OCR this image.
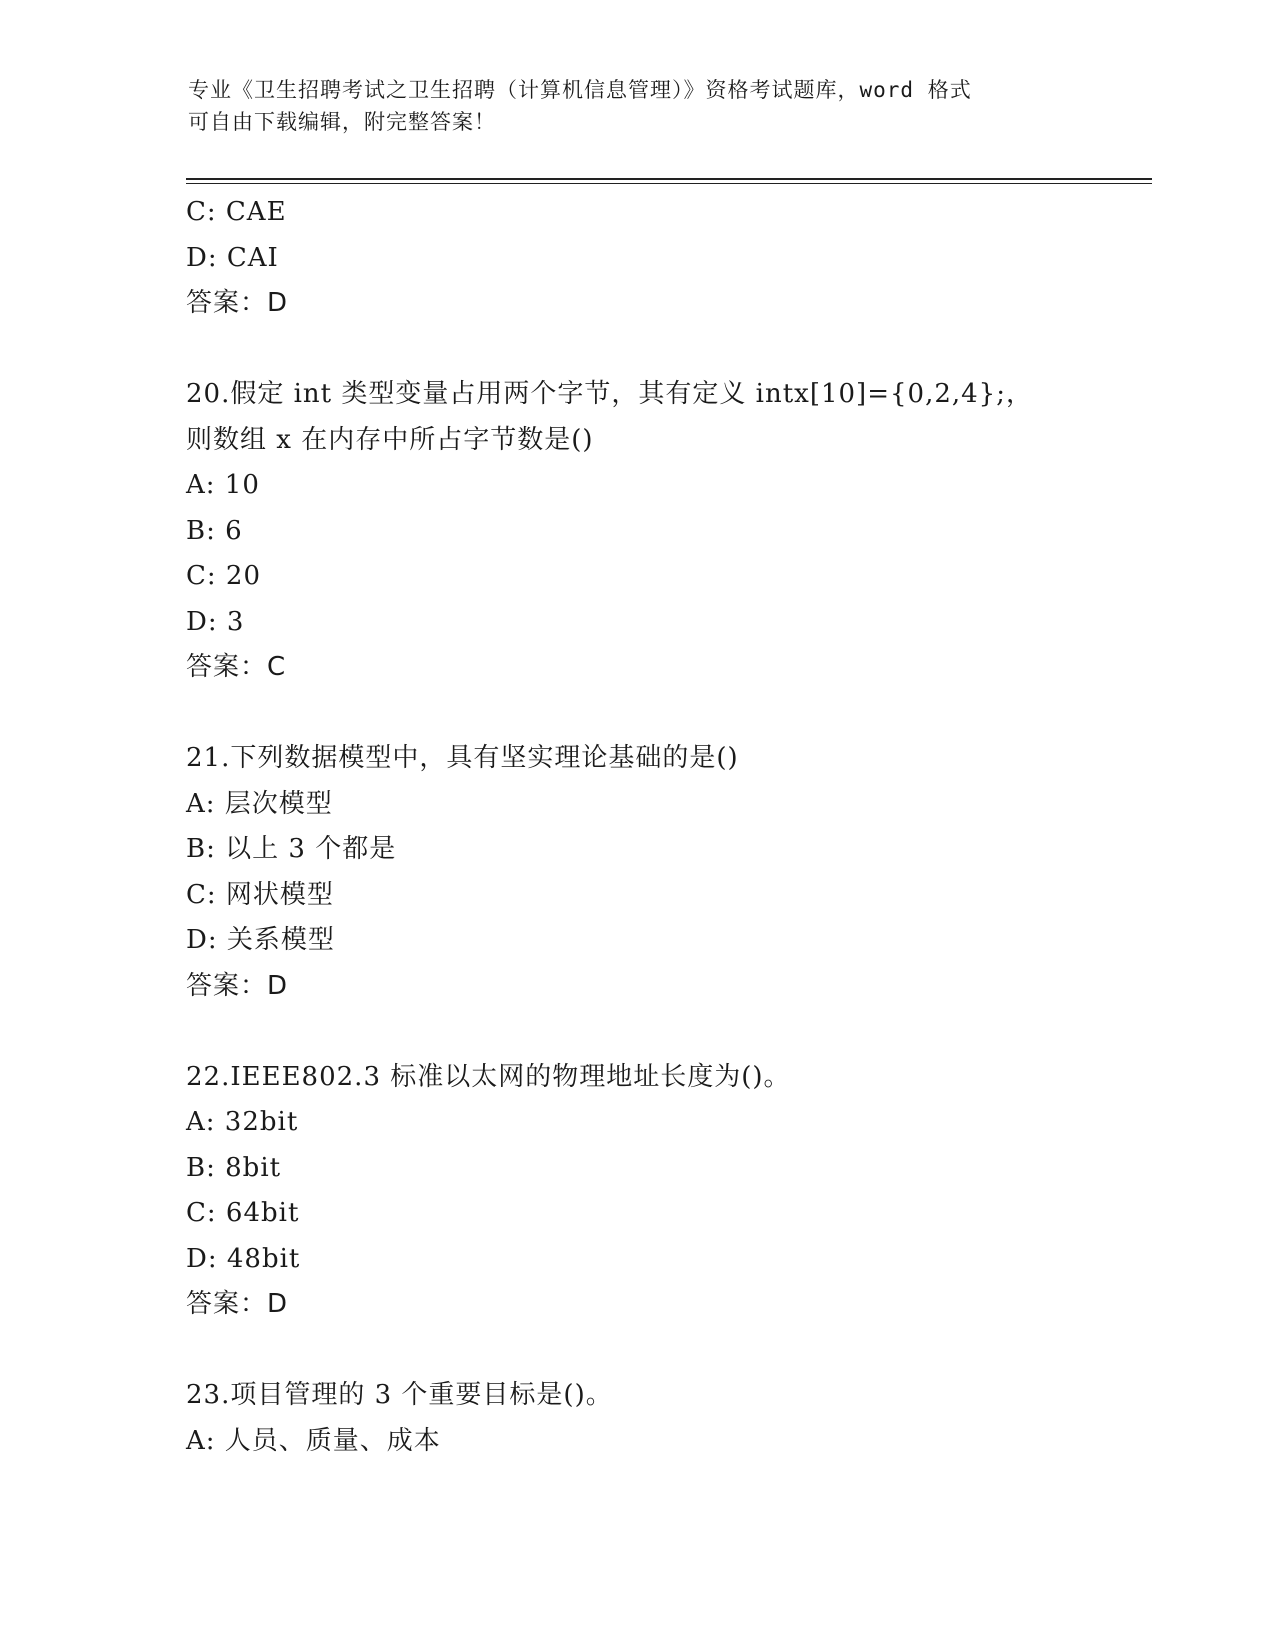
专业《卫生招聘考试之卫生招聘（计算机信息管理）》资格考试题库，word 格式
可自由下载编辑，附完整答案！
C: CAE
D: CAI
答案：D
20.假定 int 类型变量占用两个字节，其有定义 intx[10]={0,2,4};，
则数组 x 在内存中所占字节数是()
A: 10
B: 6
C: 20
D: 3
答案：C
21.下列数据模型中，具有坚实理论基础的是()
A: 层次模型
B: 以上 3 个都是
C: 网状模型
D: 关系模型
答案：D
22.IEEE802.3 标准以太网的物理地址长度为()。
A: 32bit
B: 8bit
C: 64bit
D: 48bit
答案：D
23.项目管理的 3 个重要目标是()。
A: 人员、质量、成本
